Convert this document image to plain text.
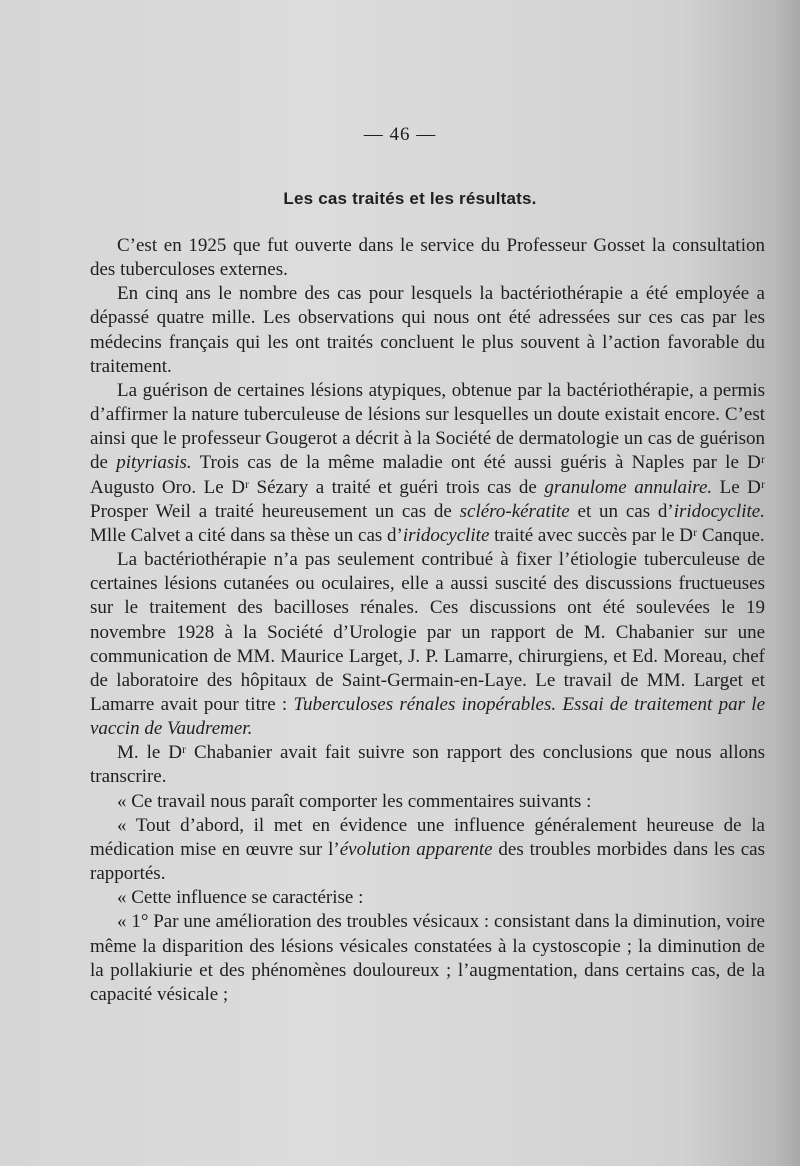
— 46 —
Les cas traités et les résultats.

C’est en 1925 que fut ouverte dans le service du Professeur Gosset la consultation des tuberculoses externes.

En cinq ans le nombre des cas pour lesquels la bactériothérapie a été employée a dépassé quatre mille. Les observations qui nous ont été adressées sur ces cas par les médecins français qui les ont traités concluent le plus souvent à l’action favorable du traitement.

La guérison de certaines lésions atypiques, obtenue par la bactériothérapie, a permis d’affirmer la nature tuberculeuse de lésions sur lesquelles un doute existait encore. C’est ainsi que le professeur Gougerot a décrit à la Société de dermatologie un cas de guérison de pityriasis. Trois cas de la même maladie ont été aussi guéris à Naples par le Dʳ Augusto Oro. Le Dʳ Sézary a traité et guéri trois cas de granulome annulaire. Le Dʳ Prosper Weil a traité heureusement un cas de scléro-kératite et un cas d’iridocyclite. Mlle Calvet a cité dans sa thèse un cas d’iridocyclite traité avec succès par le Dʳ Canque.

La bactériothérapie n’a pas seulement contribué à fixer l’étiologie tuberculeuse de certaines lésions cutanées ou oculaires, elle a aussi suscité des discussions fructueuses sur le traitement des bacilloses rénales. Ces discussions ont été soulevées le 19 novembre 1928 à la Société d’Urologie par un rapport de M. Chabanier sur une communication de MM. Maurice Larget, J. P. Lamarre, chirurgiens, et Ed. Moreau, chef de laboratoire des hôpitaux de Saint-Germain-en-Laye. Le travail de MM. Larget et Lamarre avait pour titre : Tuberculoses rénales inopérables. Essai de traitement par le vaccin de Vaudremer.

M. le Dʳ Chabanier avait fait suivre son rapport des conclusions que nous allons transcrire.

« Ce travail nous paraît comporter les commentaires suivants :

« Tout d’abord, il met en évidence une influence généralement heureuse de la médication mise en œuvre sur l’évolution apparente des troubles morbides dans les cas rapportés.

« Cette influence se caractérise :

« 1° Par une amélioration des troubles vésicaux : consistant dans la diminution, voire même la disparition des lésions vésicales constatées à la cystoscopie ; la diminution de la pollakiurie et des phénomènes douloureux ; l’augmentation, dans certains cas, de la capacité vésicale ;
